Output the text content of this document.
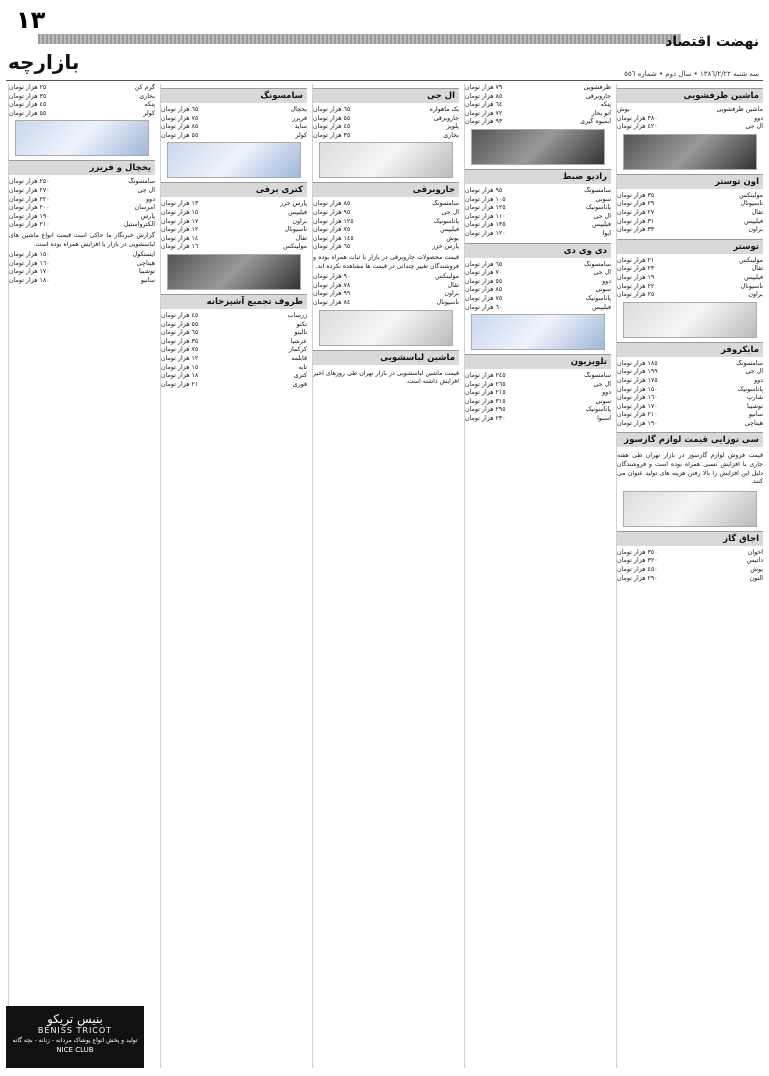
١٣
نهضت اقتصاد
بازارچه	سه شنبه ١٣٨٦/٢/٢٢ • سال دوم • شماره ٥٥٦
ماشین ظرفشویی
ماشین ظرفشویی
بوش
دوو
٣٨٠ هزار تومان
ال جی
٤٢٠ هزار تومان
اون توستر
مولینکس
٣٥ هزار تومان
ناسیونال
٢٩ هزار تومان
تفال
٢٧ هزار تومان
فیلیپس
٣١ هزار تومان
براون
٣٣ هزار تومان
توستر
مولینکس
٢١ هزار تومان
تفال
٢٣ هزار تومان
فیلیپس
١٩ هزار تومان
ناسیونال
٢٢ هزار تومان
براون
٢٥ هزار تومان
مایکروفر
سامسونگ
١٨٥ هزار تومان
ال جی
١٩٩ هزار تومان
دوو
١٧٥ هزار تومان
پاناسونیک
١٥٠ هزار تومان
شارپ
١٦٠ هزار تومان
توشیبا
١٧٠ هزار تومان
سانیو
٢١٠ هزار تومان
هیتاچی
١٩٠ هزار تومان
سی نوزایی قیمت لوازم گازسوز
قیمت فروش لوازم گازسوز در بازار تهران طی هفته جاری با افزایش نسبی همراه بوده است و فروشندگان دلیل این افزایش را بالا رفتن هزینه های تولید عنوان می کنند.
اجاق گاز
اخوان
٣٥٠ هزار تومان
داتیس
٣٢٠ هزار تومان
بوش
٤٥٠ هزار تومان
آلتون
٢٩٠ هزار تومان
ظرفشویی
٧٩ هزار تومان
جاروبرقی
٨٥ هزار تومان
پنکه
٦٤ هزار تومان
اتو بخار
٧٢ هزار تومان
آبمیوه گیری
٩٣ هزار تومان
رادیو ضبط
سامسونگ
٩٥ هزار تومان
سونی
١٠٥ هزار تومان
پاناسونیک
١٢٥ هزار تومان
ال جی
١١٠ هزار تومان
فیلیپس
١٣٥ هزار تومان
آیوا
١٢٠ هزار تومان
دی وی دی
سامسونگ
٦٥ هزار تومان
ال جی
٧٠ هزار تومان
دوو
٥٥ هزار تومان
سونی
٨٥ هزار تومان
پاناسونیک
٧٥ هزار تومان
فیلیپس
٦٠ هزار تومان
تلویزیون
سامسونگ
٢٤٥ هزار تومان
ال جی
٢٦٥ هزار تومان
دوو
٢١٥ هزار تومان
سونی
٣١٥ هزار تومان
پاناسونیک
٢٩٥ هزار تومان
اسنوا
٢٣٠ هزار تومان
ال جی
یک ماهواره
٦٥ هزار تومان
جاروبرقی
٥٥ هزار تومان
پلوپز
٤٥ هزار تومان
بخاری
٣٥ هزار تومان
جاروبرقی
سامسونگ
٨٥ هزار تومان
ال جی
٩٥ هزار تومان
پاناسونیک
١٢٥ هزار تومان
فیلیپس
٧٥ هزار تومان
بوش
١٤٥ هزار تومان
پارس خزر
٦٥ هزار تومان
قیمت محصولات جاروبرقی در بازار با ثبات همراه بوده و فروشندگان تغییر چندانی در قیمت ها مشاهده نکرده اند.
مولینکس
٩٠ هزار تومان
تفال
٧٨ هزار تومان
براون
٩٩ هزار تومان
ناسیونال
٨٤ هزار تومان
ماشین لباسشویی
قیمت ماشین لباسشویی در بازار تهران طی روزهای اخیر افزایش داشته است.
سامسونگ
یخچال
٦٥ هزار تومان
فریزر
٧٥ هزار تومان
ساید
٨٥ هزار تومان
کولر
٥٥ هزار تومان
کتری برقی
پارس خزر
١٣ هزار تومان
فیلیپس
١٥ هزار تومان
براون
١٧ هزار تومان
ناسیونال
١٢ هزار تومان
تفال
١٤ هزار تومان
مولینکس
١٦ هزار تومان
ظروف تجمیع آشپزخانه
زرساب
٤٥ هزار تومان
تکنو
٥٥ هزار تومان
نالینو
٦٥ هزار تومان
عرشیا
٣٥ هزار تومان
کرکماز
٧٥ هزار تومان
قابلمه
١٢ هزار تومان
تابه
١٥ هزار تومان
کتری
١٨ هزار تومان
قوری
٢١ هزار تومان
گرم کن
٢٥ هزار تومان
بخاری
٣٥ هزار تومان
پنکه
٤٥ هزار تومان
کولر
٥٥ هزار تومان
یخچال و فریزر
سامسونگ
٢٥٠ هزار تومان
ال جی
٢٧٠ هزار تومان
دوو
٢٢٠ هزار تومان
امرسان
٢٠٠ هزار تومان
پارس
١٩٠ هزار تومان
الکترواستیل
٢١٠ هزار تومان
گزارش خبرنگار ما حاکی است قیمت انواع ماشین های لباسشویی در بازار با افزایش همراه بوده است.
ایستکول
١٥٠ هزار تومان
هیتاچی
١٦٠ هزار تومان
توشیبا
١٧٠ هزار تومان
سانیو
١٨٠ هزار تومان
بنیس تریکو
BENISS TRICOT
تولید و پخش انواع پوشاک مردانه - زنانه - بچه گانه
NICE CLUB
